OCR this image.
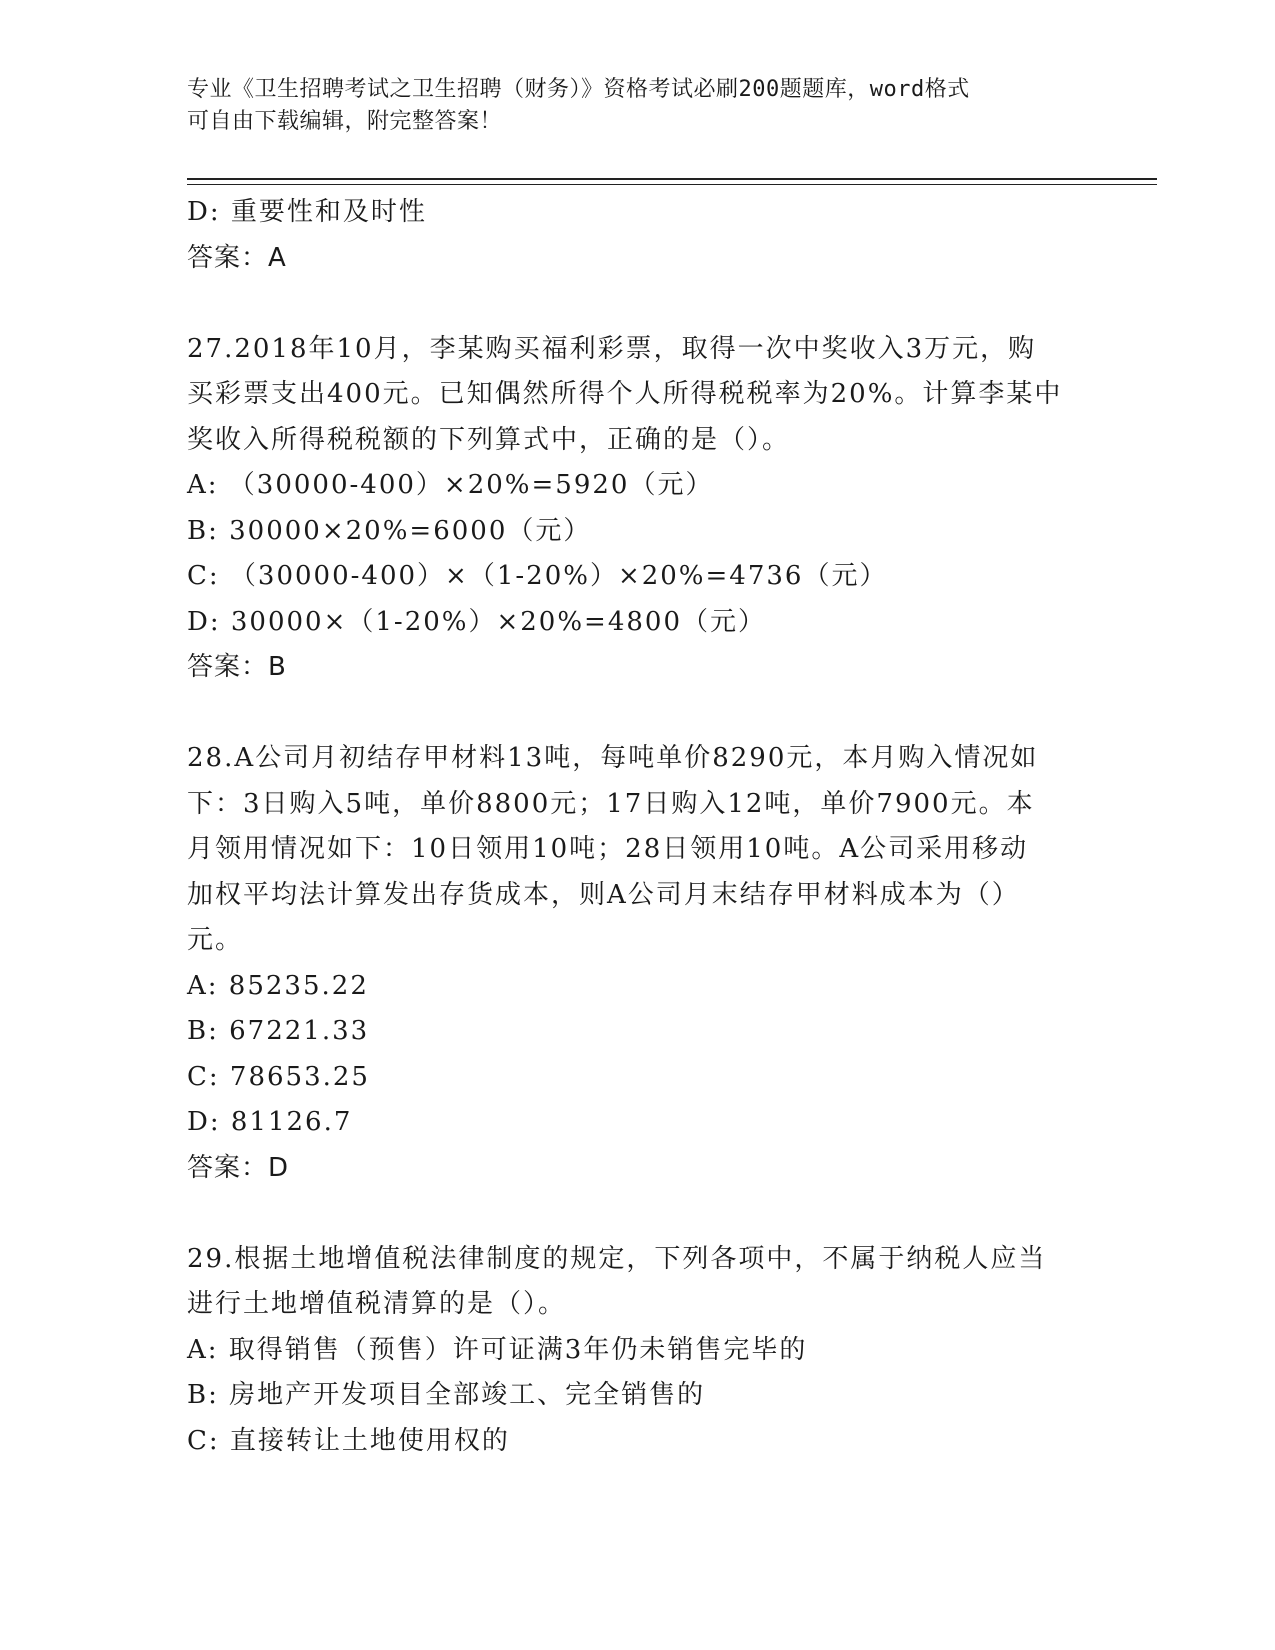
专业《卫生招聘考试之卫生招聘（财务）》资格考试必刷200题题库，word格式
可自由下载编辑，附完整答案！
D: 重要性和及时性
答案：A
27.2018年10月，李某购买福利彩票，取得一次中奖收入3万元，购
买彩票支出400元。已知偶然所得个人所得税税率为20%。计算李某中
奖收入所得税税额的下列算式中，正确的是（）。
A: （30000-400）×20%=5920（元）
B: 30000×20%=6000（元）
C: （30000-400）×（1-20%）×20%=4736（元）
D: 30000×（1-20%）×20%=4800（元）
答案：B
28.A公司月初结存甲材料13吨，每吨单价8290元，本月购入情况如
下：3日购入5吨，单价8800元；17日购入12吨，单价7900元。本
月领用情况如下：10日领用10吨；28日领用10吨。A公司采用移动
加权平均法计算发出存货成本，则A公司月末结存甲材料成本为（）
元。
A: 85235.22
B: 67221.33
C: 78653.25
D: 81126.7
答案：D
29.根据土地增值税法律制度的规定，下列各项中，不属于纳税人应当
进行土地增值税清算的是（）。
A: 取得销售（预售）许可证满3年仍未销售完毕的
B: 房地产开发项目全部竣工、完全销售的
C: 直接转让土地使用权的
